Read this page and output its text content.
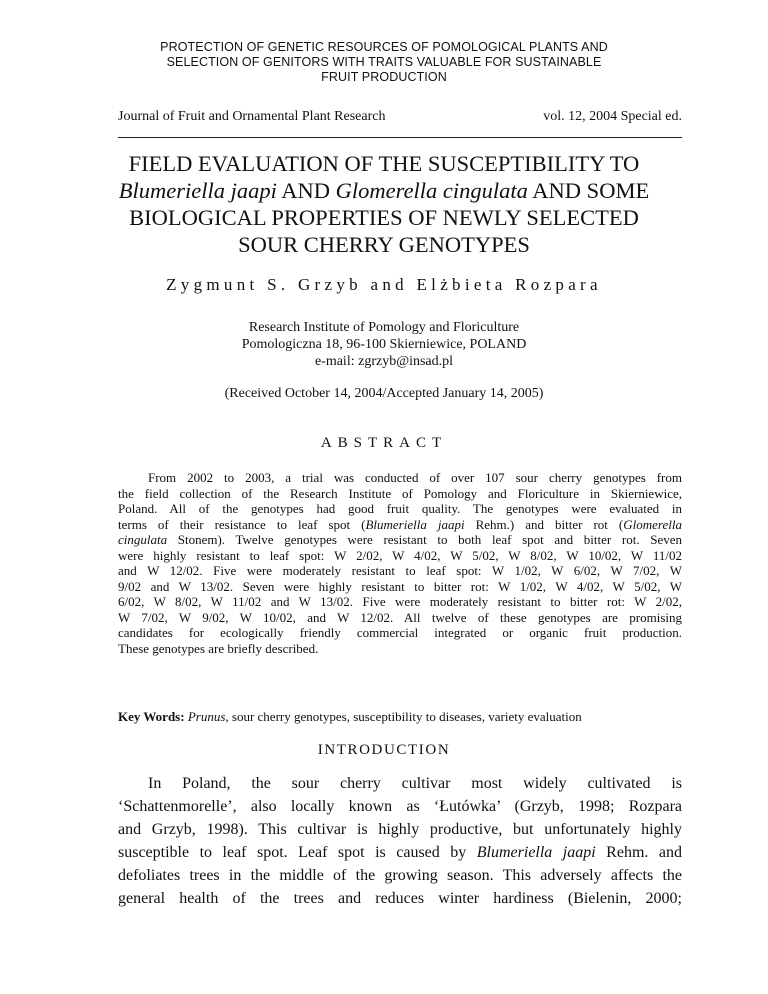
PROTECTION OF GENETIC RESOURCES OF POMOLOGICAL PLANTS AND
SELECTION OF GENITORS WITH TRAITS VALUABLE FOR SUSTAINABLE
FRUIT PRODUCTION
Journal of Fruit and Ornamental Plant Research	vol. 12, 2004 Special ed.
FIELD EVALUATION OF THE SUSCEPTIBILITY TO
Blumeriella jaapi AND Glomerella cingulata AND SOME
BIOLOGICAL PROPERTIES OF NEWLY SELECTED
SOUR CHERRY GENOTYPES
Zygmunt S. Grzyb and Elżbieta Rozpara
Research Institute of Pomology and Floriculture
Pomologiczna 18, 96-100 Skierniewice, POLAND
e-mail: zgrzyb@insad.pl
(Received October 14, 2004/Accepted January 14, 2005)
ABSTRACT
From 2002 to 2003, a trial was conducted of over 107 sour cherry genotypes from
the field collection of the Research Institute of Pomology and Floriculture in Skierniewice,
Poland. All of the genotypes had good fruit quality. The genotypes were evaluated in
terms of their resistance to leaf spot (Blumeriella jaapi Rehm.) and bitter rot (Glomerella
cingulata Stonem). Twelve genotypes were resistant to both leaf spot and bitter rot. Seven
were highly resistant to leaf spot: W 2/02, W 4/02, W 5/02, W 8/02, W 10/02, W 11/02
and W 12/02. Five were moderately resistant to leaf spot: W 1/02, W 6/02, W 7/02, W
9/02 and W 13/02. Seven were highly resistant to bitter rot: W 1/02, W 4/02, W 5/02, W
6/02, W 8/02, W 11/02 and W 13/02. Five were moderately resistant to bitter rot: W 2/02,
W 7/02, W 9/02, W 10/02, and W 12/02. All twelve of these genotypes are promising
candidates for ecologically friendly commercial integrated or organic fruit production.
These genotypes are briefly described.
Key Words: Prunus, sour cherry genotypes, susceptibility to diseases, variety evaluation
INTRODUCTION
In Poland, the sour cherry cultivar most widely cultivated is
‘Schattenmorelle’, also locally known as ‘Łutówka’ (Grzyb, 1998; Rozpara
and Grzyb, 1998). This cultivar is highly productive, but unfortunately highly
susceptible to leaf spot. Leaf spot is caused by Blumeriella jaapi Rehm. and
defoliates trees in the middle of the growing season. This adversely affects the
general health of the trees and reduces winter hardiness (Bielenin, 2000;
